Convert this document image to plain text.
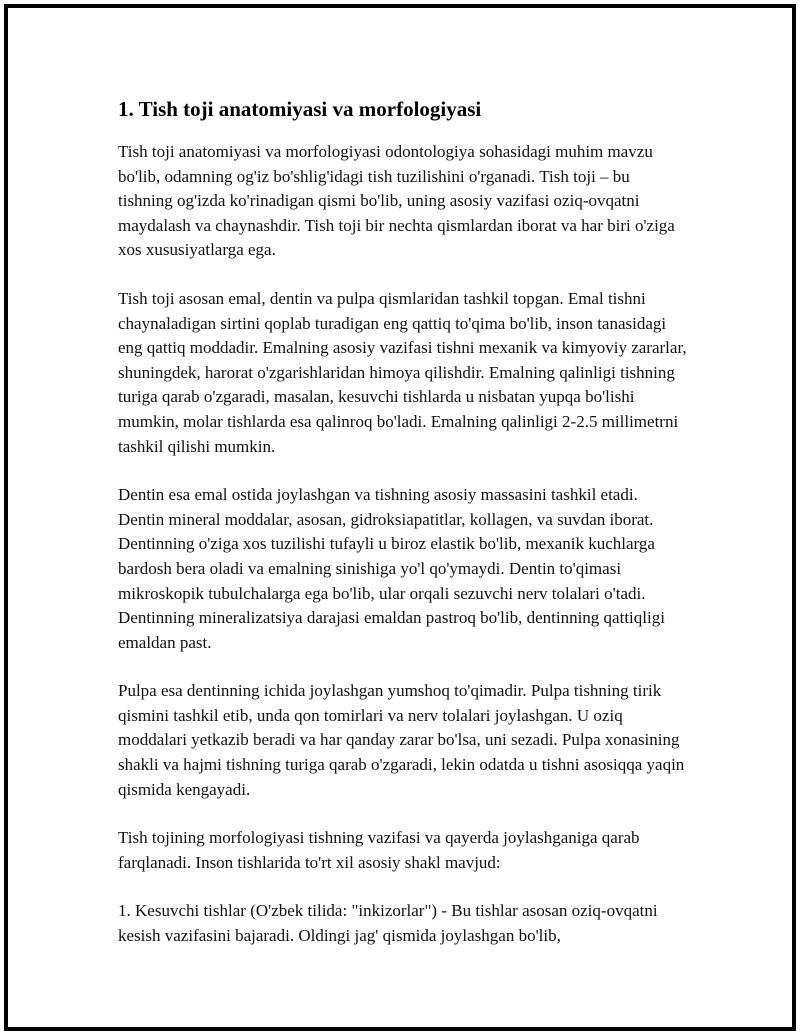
1. Tish toji anatomiyasi va morfologiyasi

Tish toji anatomiyasi va morfologiyasi odontologiya sohasidagi muhim mavzu bo'lib, odamning og'iz bo'shlig'idagi tish tuzilishini o'rganadi. Tish toji – bu tishning og'izda ko'rinadigan qismi bo'lib, uning asosiy vazifasi oziq-ovqatni maydalash va chaynashdir. Tish toji bir nechta qismlardan iborat va har biri o'ziga xos xususiyatlarga ega.

Tish toji asosan emal, dentin va pulpa qismlaridan tashkil topgan. Emal tishni chaynaladigan sirtini qoplab turadigan eng qattiq to'qima bo'lib, inson tanasidagi eng qattiq moddadir. Emalning asosiy vazifasi tishni mexanik va kimyoviy zararlar, shuningdek, harorat o'zgarishlaridan himoya qilishdir. Emalning qalinligi tishning turiga qarab o'zgaradi, masalan, kesuvchi tishlarda u nisbatan yupqa bo'lishi mumkin, molar tishlarda esa qalinroq bo'ladi. Emalning qalinligi 2-2.5 millimetrni tashkil qilishi mumkin.

Dentin esa emal ostida joylashgan va tishning asosiy massasini tashkil etadi. Dentin mineral moddalar, asosan, gidroksiapatitlar, kollagen, va suvdan iborat. Dentinning o'ziga xos tuzilishi tufayli u biroz elastik bo'lib, mexanik kuchlarga bardosh bera oladi va emalning sinishiga yo'l qo'ymaydi. Dentin to'qimasi mikroskopik tubulchalarga ega bo'lib, ular orqali sezuvchi nerv tolalari o'tadi. Dentinning mineralizatsiya darajasi emaldan pastroq bo'lib, dentinning qattiqligi emaldan past.

Pulpa esa dentinning ichida joylashgan yumshoq to'qimadir. Pulpa tishning tirik qismini tashkil etib, unda qon tomirlari va nerv tolalari joylashgan. U oziq moddalari yetkazib beradi va har qanday zarar bo'lsa, uni sezadi. Pulpa xonasining shakli va hajmi tishning turiga qarab o'zgaradi, lekin odatda u tishni asosiqqa yaqin qismida kengayadi.

Tish tojining morfologiyasi tishning vazifasi va qayerda joylashganiga qarab farqlanadi. Inson tishlarida to'rt xil asosiy shakl mavjud:

1. Kesuvchi tishlar (O'zbek tilida: "inkizorlar") - Bu tishlar asosan oziq-ovqatni kesish vazifasini bajaradi. Oldingi jag' qismida joylashgan bo'lib,
